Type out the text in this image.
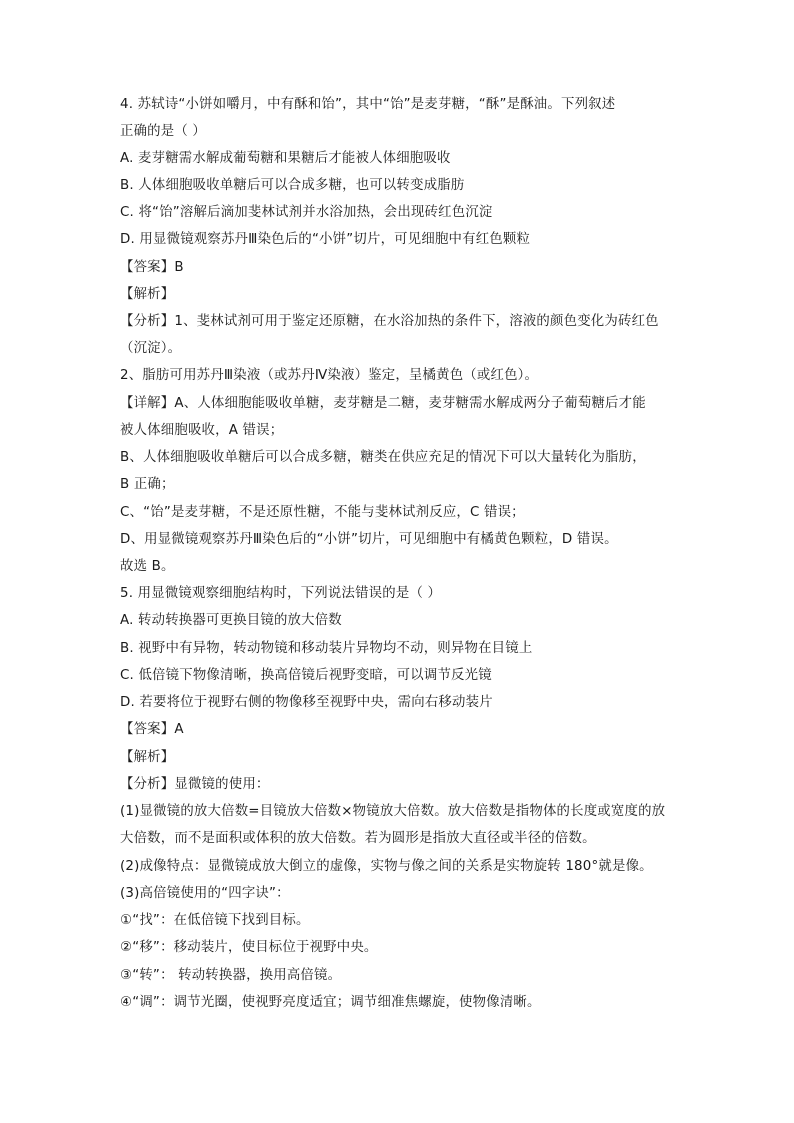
4. 苏轼诗“小饼如嚼月，中有酥和饴”，其中“饴”是麦芽糖，“酥”是酥油。下列叙述
正确的是（ ）
A. 麦芽糖需水解成葡萄糖和果糖后才能被人体细胞吸收
B. 人体细胞吸收单糖后可以合成多糖，也可以转变成脂肪
C. 将“饴”溶解后滴加斐林试剂并水浴加热，会出现砖红色沉淀
D. 用显微镜观察苏丹Ⅲ染色后的“小饼”切片，可见细胞中有红色颗粒
【答案】B
【解析】
【分析】1、斐林试剂可用于鉴定还原糖，在水浴加热的条件下，溶液的颜色变化为砖红色
（沉淀）。
2、脂肪可用苏丹Ⅲ染液（或苏丹Ⅳ染液）鉴定，呈橘黄色（或红色）。
【详解】A、人体细胞能吸收单糖，麦芽糖是二糖，麦芽糖需水解成两分子葡萄糖后才能
被人体细胞吸收，A 错误；
B、人体细胞吸收单糖后可以合成多糖，糖类在供应充足的情况下可以大量转化为脂肪，
B 正确；
C、“饴”是麦芽糖，不是还原性糖，不能与斐林试剂反应，C 错误；
D、用显微镜观察苏丹Ⅲ染色后的“小饼”切片，可见细胞中有橘黄色颗粒，D 错误。
故选 B。
5. 用显微镜观察细胞结构时，下列说法错误的是（ ）
A. 转动转换器可更换目镜的放大倍数
B. 视野中有异物，转动物镜和移动装片异物均不动，则异物在目镜上
C. 低倍镜下物像清晰，换高倍镜后视野变暗，可以调节反光镜
D. 若要将位于视野右侧的物像移至视野中央，需向右移动装片
【答案】A
【解析】
【分析】显微镜的使用：
(1)显微镜的放大倍数=目镜放大倍数×物镜放大倍数。放大倍数是指物体的长度或宽度的放
大倍数，而不是面积或体积的放大倍数。若为圆形是指放大直径或半径的倍数。
(2)成像特点：显微镜成放大倒立的虚像，实物与像之间的关系是实物旋转 180°就是像。
(3)高倍镜使用的“四字诀”：
①“找”：在低倍镜下找到目标。
②“移”：移动装片，使目标位于视野中央。
③“转”： 转动转换器，换用高倍镜。
④“调”：调节光圈，使视野亮度适宜；调节细准焦螺旋，使物像清晰。
